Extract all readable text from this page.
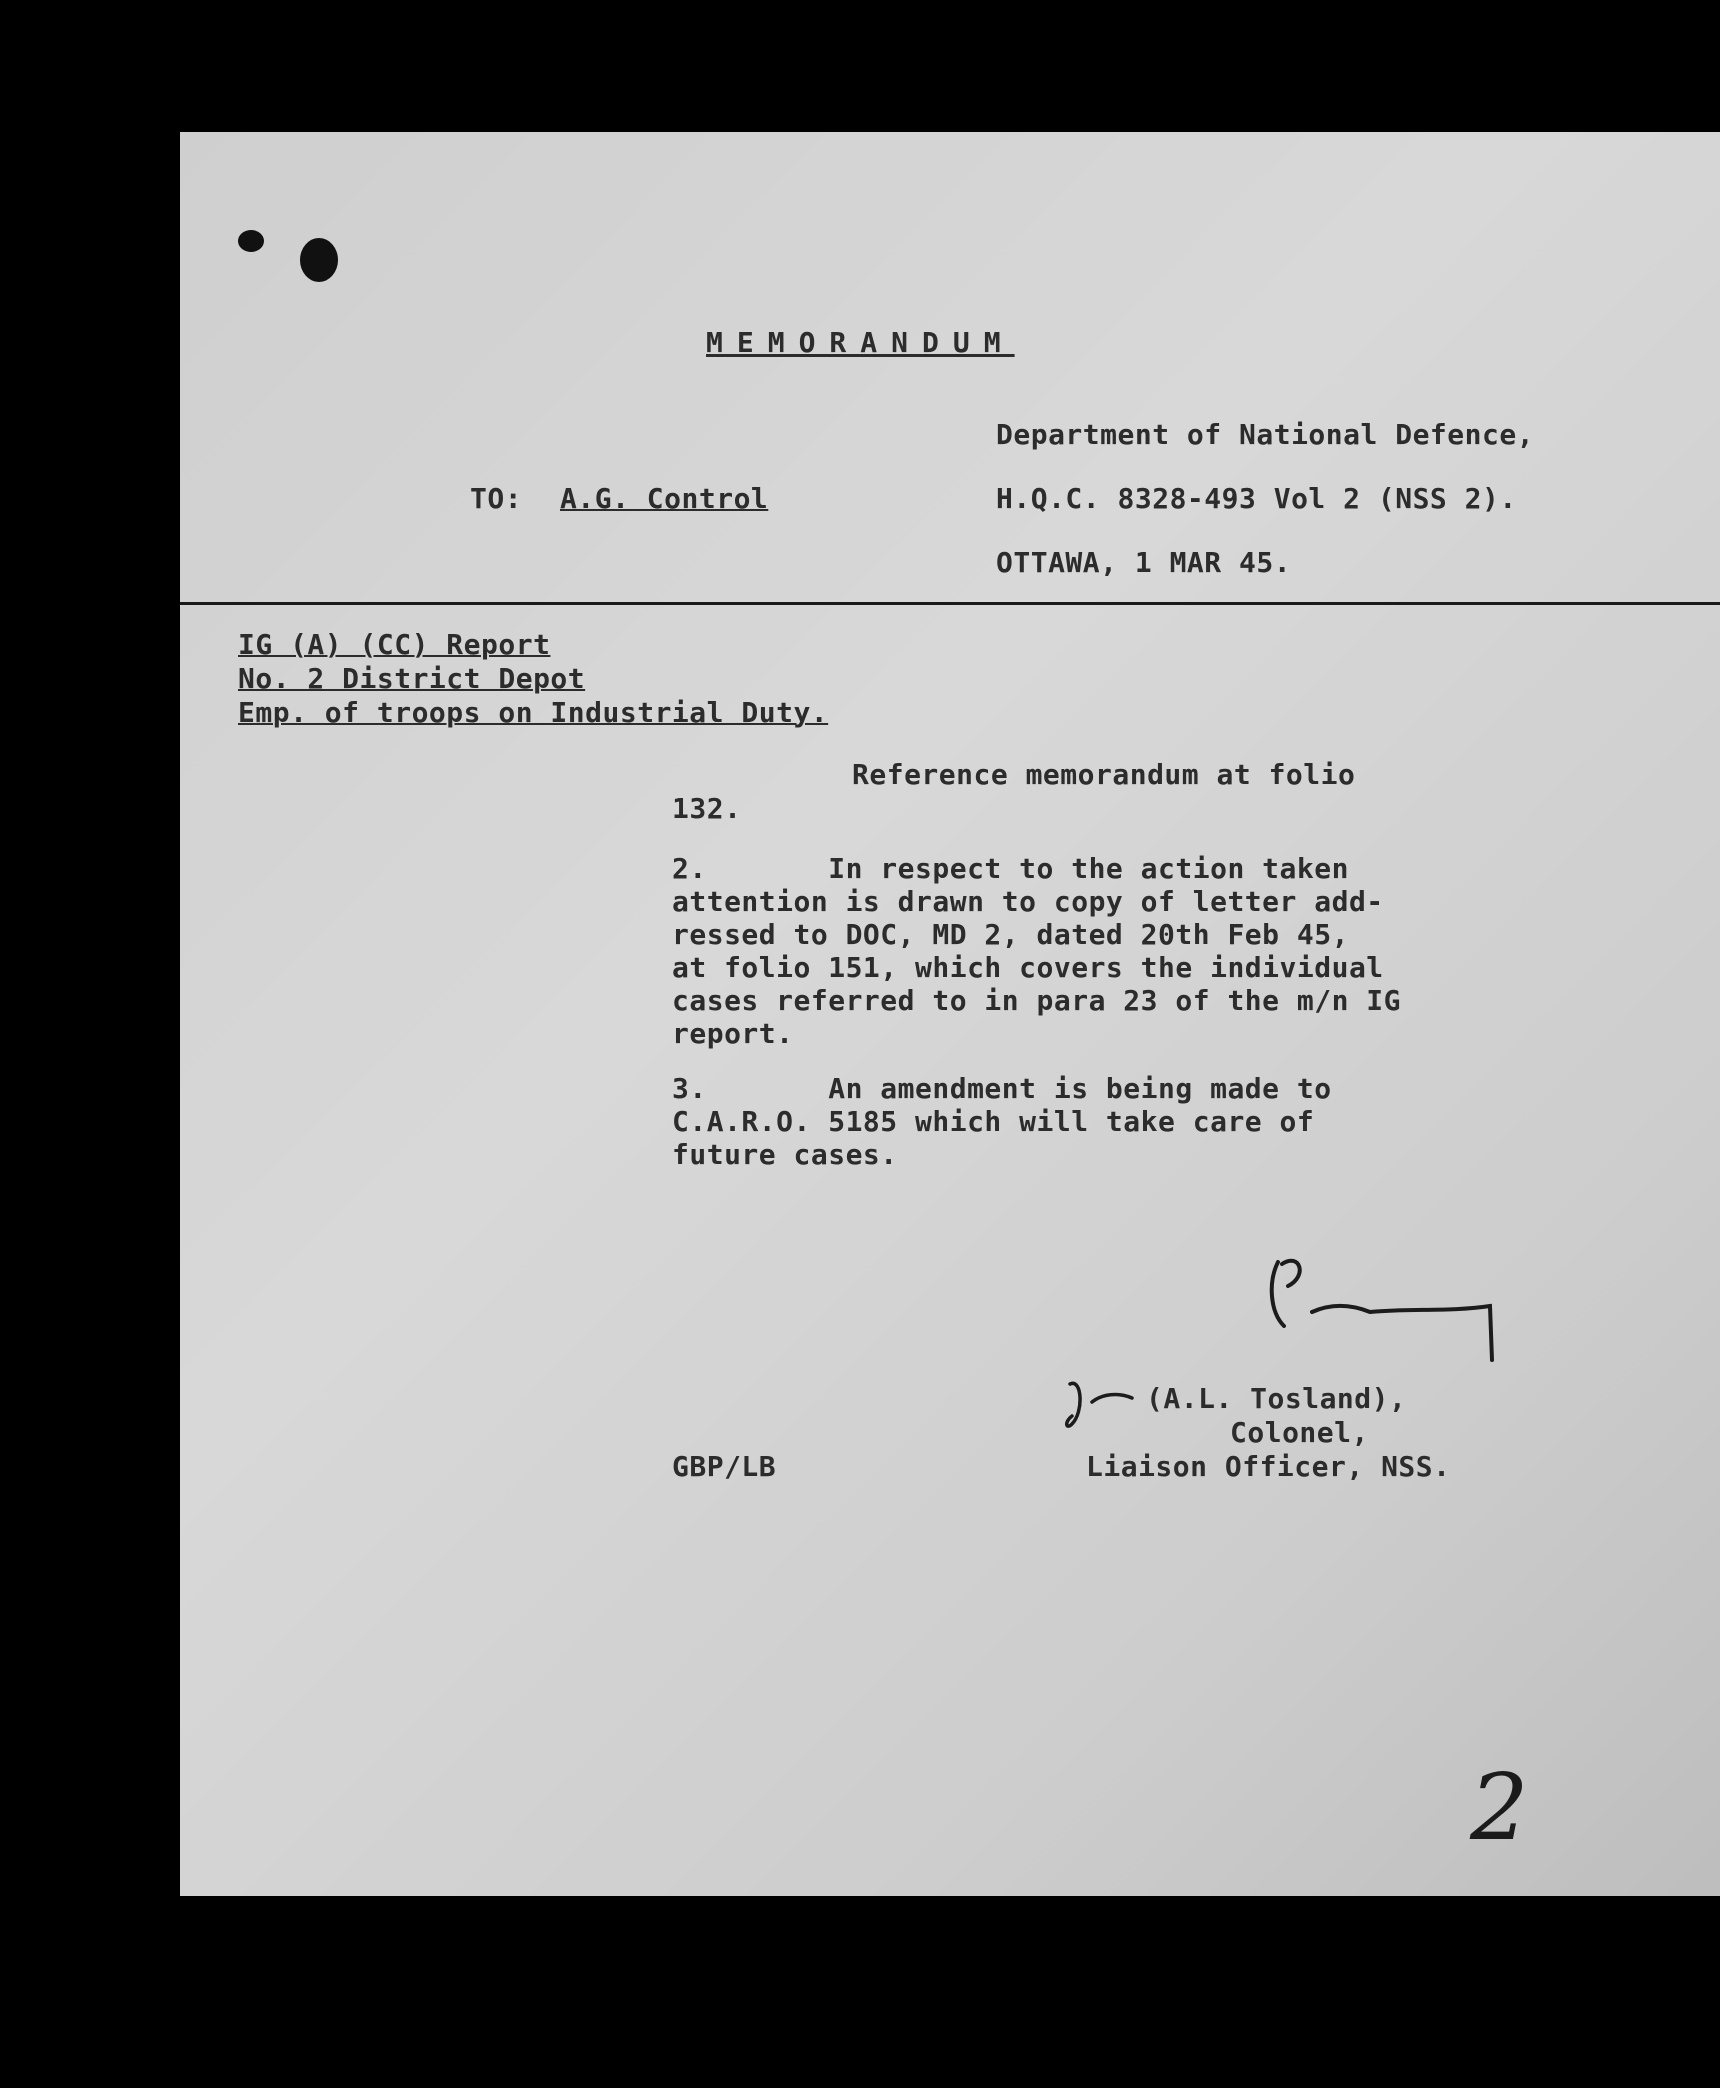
MEMORANDUM
Department of National Defence,
H.Q.C. 8328-493 Vol 2 (NSS 2).
OTTAWA, 1 MAR 45.
TO: A.G. Control
IG (A) (CC) Report
No. 2 District Depot
Emp. of troops on Industrial Duty.
Reference memorandum at folio
132.
2.       In respect to the action taken
attention is drawn to copy of letter add-
ressed to DOC, MD 2, dated 20th Feb 45,
at folio 151, which covers the individual
cases referred to in para 23 of the m/n IG
report.
3.       An amendment is being made to
C.A.R.O. 5185 which will take care of
future cases.
(A.L. Tosland),
Colonel,
Liaison Officer, NSS.
GBP/LB
2
